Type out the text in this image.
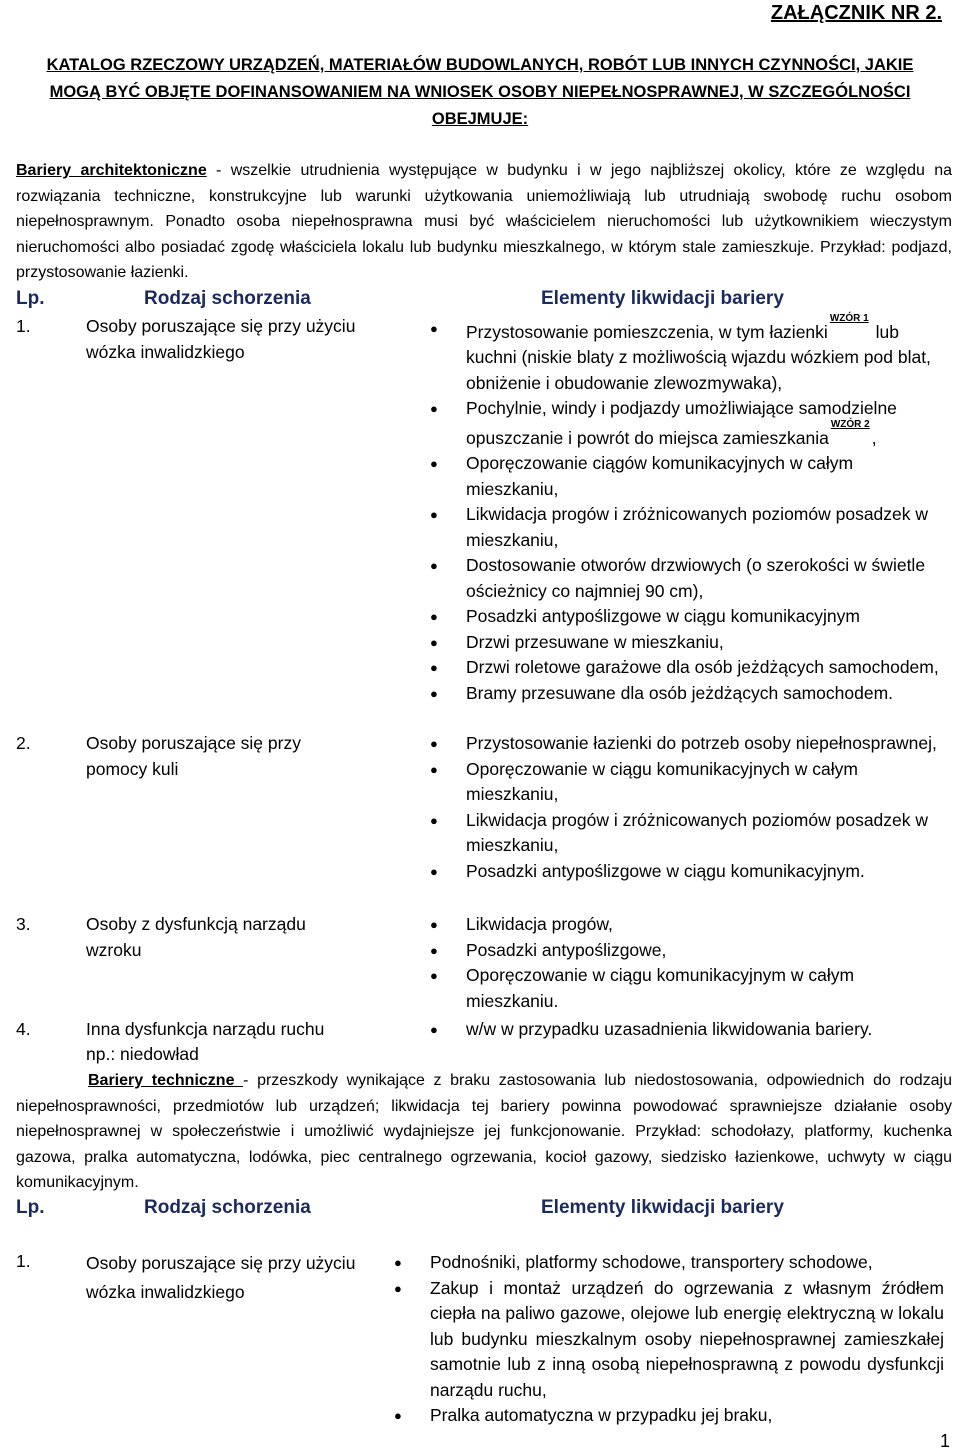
ZAŁĄCZNIK NR 2.
KATALOG RZECZOWY URZĄDZEŃ, MATERIAŁÓW BUDOWLANYCH, ROBÓT LUB INNYCH CZYNNOŚCI, JAKIE MOGĄ BYĆ OBJĘTE DOFINANSOWANIEM NA WNIOSEK OSOBY NIEPEŁNOSPRAWNEJ, W SZCZEGÓLNOŚCI OBEJMUJE:
Bariery architektoniczne - wszelkie utrudnienia występujące w budynku i w jego najbliższej okolicy, które ze względu na rozwiązania techniczne, konstrukcyjne lub warunki użytkowania uniemożliwiają lub utrudniają swobodę ruchu osobom niepełnosprawnym. Ponadto osoba niepełnosprawna musi być właścicielem nieruchomości lub użytkownikiem wieczystym nieruchomości albo posiadać zgodę właściciela lokalu lub budynku mieszkalnego, w którym stale zamieszkuje. Przykład: podjazd, przystosowanie łazienki.
Lp.	Rodzaj schorzenia	Elementy likwidacji bariery
1.	Osoby poruszające się przy użyciu wózka inwalidzkiego
● Przystosowanie pomieszczenia, w tym łazienki$^{WZÓR 1}$ lub kuchni (niskie blaty z możliwością wjazdu wózkiem pod blat, obniżenie i obudowanie zlewozmywaka),
● Pochylnie, windy i podjazdy umożliwiające samodzielne opuszczanie i powrót do miejsca zamieszkania$^{WZÓR 2}$,
● Oporęczowanie ciągów komunikacyjnych w całym mieszkaniu,
● Likwidacja progów i zróżnicowanych poziomów posadzek w mieszkaniu,
● Dostosowanie otworów drzwiowych (o szerokości w świetle ościeżnicy co najmniej 90 cm),
● Posadzki antypoślizgowe w ciągu komunikacyjnym
● Drzwi przesuwane w mieszkaniu,
● Drzwi roletowe garażowe dla osób jeżdżących samochodem,
● Bramy przesuwane dla osób jeżdżących samochodem.
2.	Osoby poruszające się przy pomocy kuli
● Przystosowanie łazienki do potrzeb osoby niepełnosprawnej,
● Oporęczowanie w ciągu komunikacyjnych w całym mieszkaniu,
● Likwidacja progów i zróżnicowanych poziomów posadzek w mieszkaniu,
● Posadzki antypoślizgowe w ciągu komunikacyjnym.
3.	Osoby z dysfunkcją narządu wzroku
● Likwidacja progów,
● Posadzki antypoślizgowe,
● Oporęczowanie w ciągu komunikacyjnym w całym mieszkaniu.
4.	Inna dysfunkcja narządu ruchu
np.: niedowład
● w/w w przypadku uzasadnienia likwidowania bariery.
Bariery techniczne - przeszkody wynikające z braku zastosowania lub niedostosowania, odpowiednich do rodzaju niepełnosprawności, przedmiotów lub urządzeń; likwidacja tej bariery powinna powodować sprawniejsze działanie osoby niepełnosprawnej w społeczeństwie i umożliwić wydajniejsze jej funkcjonowanie. Przykład: schodołazy, platformy, kuchenka gazowa, pralka automatyczna, lodówka, piec centralnego ogrzewania, kocioł gazowy, siedzisko łazienkowe, uchwyty w ciągu komunikacyjnym.
Lp.	Rodzaj schorzenia	Elementy likwidacji bariery
1.	Osoby poruszające się przy użyciu wózka inwalidzkiego
● Podnośniki, platformy schodowe, transportery schodowe,
● Zakup i montaż urządzeń do ogrzewania z własnym źródłem ciepła na paliwo gazowe, olejowe lub energię elektryczną w lokalu lub budynku mieszkalnym osoby niepełnosprawnej zamieszkałej samotnie lub z inną osobą niepełnosprawną z powodu dysfunkcji narządu ruchu,
● Pralka automatyczna w przypadku jej braku,
1
